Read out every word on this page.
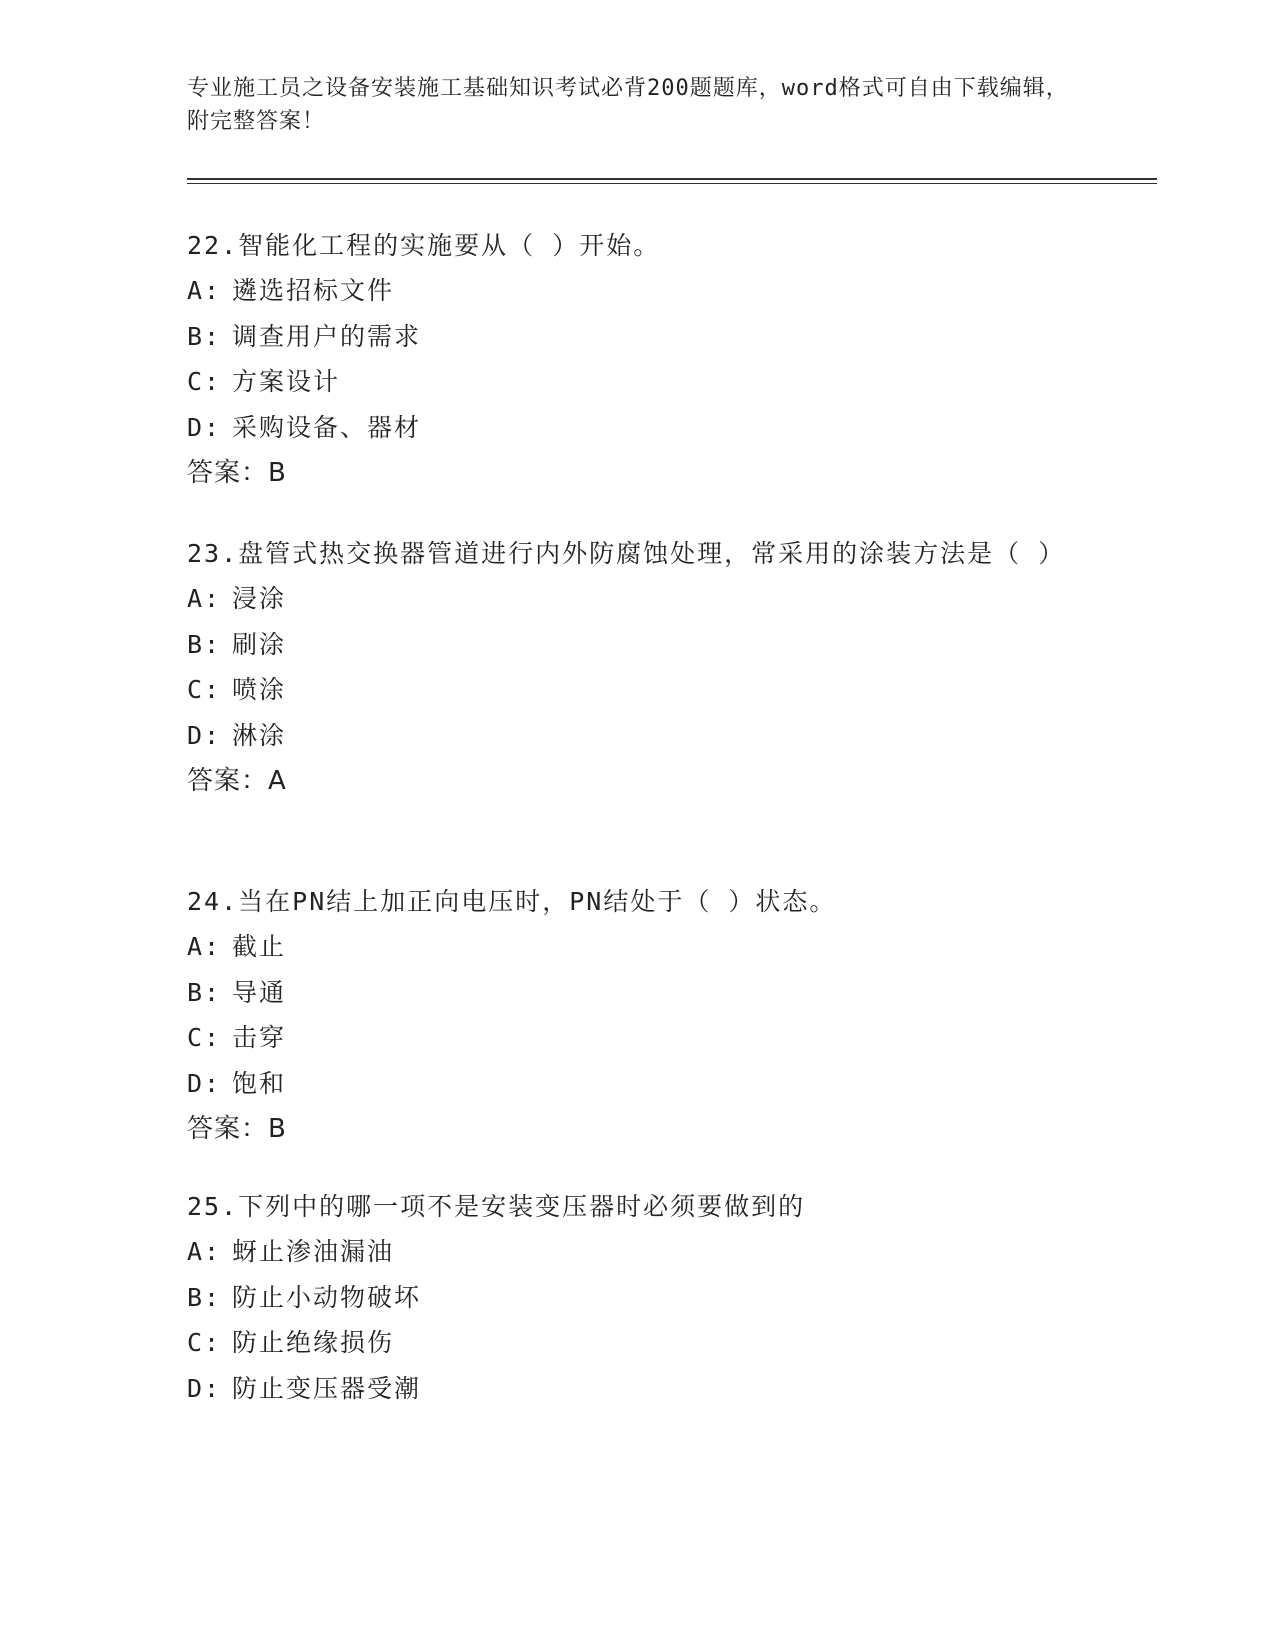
专业施工员之设备安装施工基础知识考试必背200题题库，word格式可自由下载编辑，附完整答案！
22.智能化工程的实施要从（ ）开始。
A: 遴选招标文件
B: 调查用户的需求
C: 方案设计
D: 采购设备、器材
答案：B
23.盘管式热交换器管道进行内外防腐蚀处理，常采用的涂装方法是（ ）
A: 浸涂
B: 刷涂
C: 喷涂
D: 淋涂
答案：A
24.当在PN结上加正向电压时，PN结处于（ ）状态。
A: 截止
B: 导通
C: 击穿
D: 饱和
答案：B
25.下列中的哪一项不是安装变压器时必须要做到的
A: 蚜止渗油漏油
B: 防止小动物破坏
C: 防止绝缘损伤
D: 防止变压器受潮
